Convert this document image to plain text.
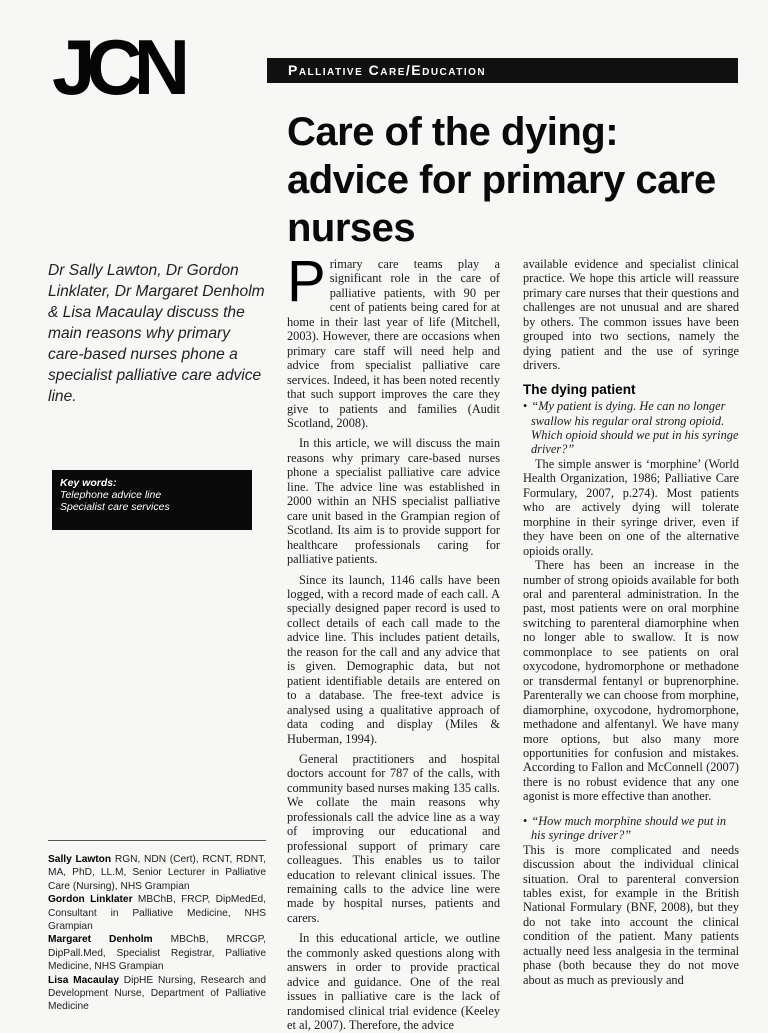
JCN	Palliative Care/Education
Care of the dying: advice for primary care nurses

Dr Sally Lawton, Dr Gordon Linklater, Dr Margaret Denholm & Lisa Macaulay discuss the main reasons why primary care-based nurses phone a specialist palliative care advice line.

Key words:
Telephone advice line
Specialist care services

Sally Lawton RGN, NDN (Cert), RCNT, RDNT, MA, PhD, LL.M, Senior Lecturer in Palliative Care (Nursing), NHS Grampian

Gordon Linklater MBChB, FRCP, DipMedEd, Consultant in Palliative Medicine, NHS Grampian

Margaret Denholm MBChB, MRCGP, DipPall.Med, Specialist Registrar, Palliative Medicine, NHS Grampian

Lisa Macaulay DipHE Nursing, Research and Development Nurse, Department of Palliative Medicine

Primary care teams play a significant role in the care of palliative patients, with 90 per cent of patients being cared for at home in their last year of life (Mitchell, 2003). However, there are occasions when primary care staff will need help and advice from specialist palliative care services. Indeed, it has been noted recently that such support improves the care they give to patients and families (Audit Scotland, 2008).

In this article, we will discuss the main reasons why primary care-based nurses phone a specialist palliative care advice line. The advice line was established in 2000 within an NHS specialist palliative care unit based in the Grampian region of Scotland. Its aim is to provide support for healthcare professionals caring for palliative patients.

Since its launch, 1146 calls have been logged, with a record made of each call. A specially designed paper record is used to collect details of each call made to the advice line. This includes patient details, the reason for the call and any advice that is given. Demographic data, but not patient identifiable details are entered on to a database. The free-text advice is analysed using a qualitative approach of data coding and display (Miles & Huberman, 1994).

General practitioners and hospital doctors account for 787 of the calls, with community based nurses making 135 calls. We collate the main reasons why professionals call the advice line as a way of improving our educational and professional support of primary care colleagues. This enables us to tailor education to relevant clinical issues. The remaining calls to the advice line were made by hospital nurses, patients and carers.

In this educational article, we outline the commonly asked questions along with answers in order to provide practical advice and guidance. One of the real issues in palliative care is the lack of randomised clinical trial evidence (Keeley et al, 2007). Therefore, the advice

available evidence and specialist clinical practice. We hope this article will reassure primary care nurses that their questions and challenges are not unusual and are shared by others. The common issues have been grouped into two sections, namely the dying patient and the use of syringe drivers.

The dying patient

• “My patient is dying. He can no longer swallow his regular oral strong opioid. Which opioid should we put in his syringe driver?”

The simple answer is ‘morphine’ (World Health Organization, 1986; Palliative Care Formulary, 2007, p.274). Most patients who are actively dying will tolerate morphine in their syringe driver, even if they have been on one of the alternative opioids orally.

There has been an increase in the number of strong opioids available for both oral and parenteral administration. In the past, most patients were on oral morphine switching to parenteral diamorphine when no longer able to swallow. It is now commonplace to see patients on oral oxycodone, hydromorphone or methadone or transdermal fentanyl or buprenorphine. Parenterally we can choose from morphine, diamorphine, oxycodone, hydromorphone, methadone and alfentanyl. We have many more options, but also many more opportunities for confusion and mistakes. According to Fallon and McConnell (2007) there is no robust evidence that any one agonist is more effective than another.

• “How much morphine should we put in his syringe driver?”

This is more complicated and needs discussion about the individual clinical situation. Oral to parenteral conversion tables exist, for example in the British National Formulary (BNF, 2008), but they do not take into account the clinical condition of the patient. Many patients actually need less analgesia in the terminal phase (both because they do not move about as much as previously and
